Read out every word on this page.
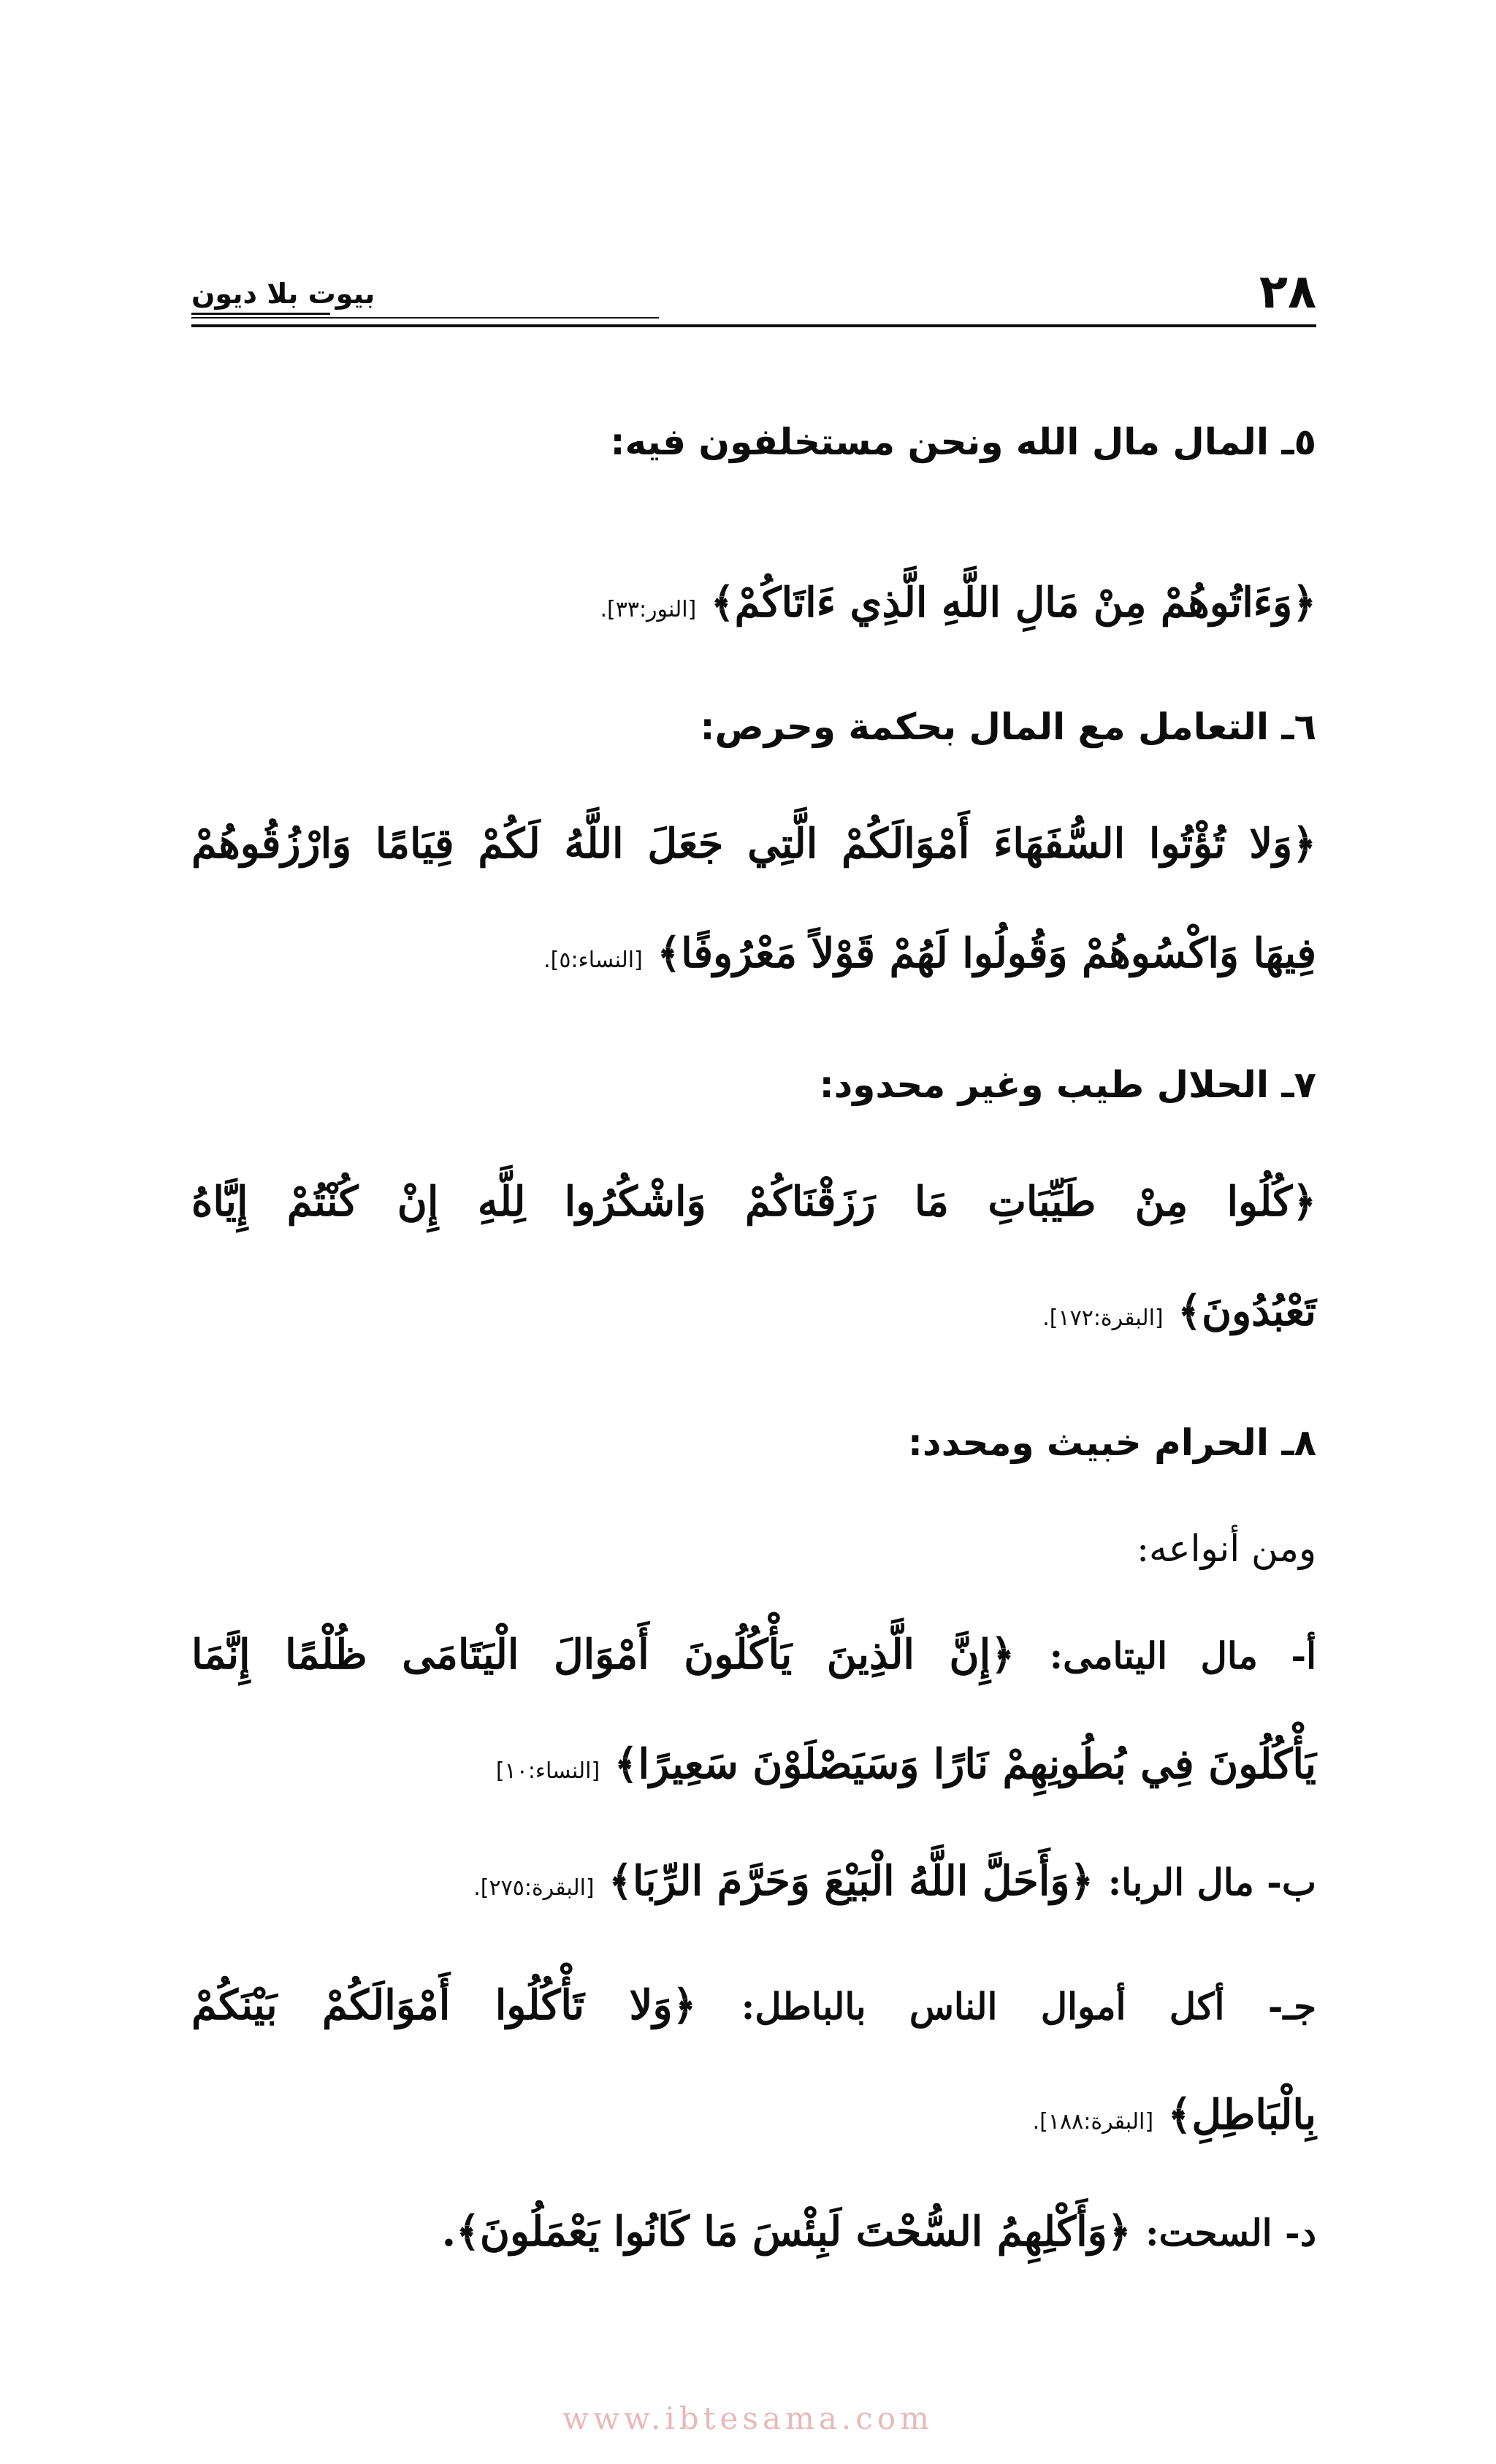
٢٨
بيوت بلا ديون
٥ـ المال مال الله ونحن مستخلفون فيه:
﴿وَءَاتُوهُمْ مِنْ مَالِ اللَّهِ الَّذِي ءَاتَاكُمْ﴾ [النور:٣٣].
٦ـ التعامل مع المال بحكمة وحرص:
﴿وَلا تُؤْتُوا السُّفَهَاءَ أَمْوَالَكُمْ الَّتِي جَعَلَ اللَّهُ لَكُمْ قِيَامًا وَارْزُقُوهُمْ
فِيهَا وَاكْسُوهُمْ وَقُولُوا لَهُمْ قَوْلاً مَعْرُوفًا﴾ [النساء:٥].
٧ـ الحلال طيب وغير محدود:
﴿كُلُوا مِنْ طَيِّبَاتِ مَا رَزَقْنَاكُمْ وَاشْكُرُوا لِلَّهِ إِنْ كُنْتُمْ إِيَّاهُ
تَعْبُدُونَ﴾ [البقرة:١٧٢].
٨ـ الحرام خبيث ومحدد:
ومن أنواعه:
أ- مال اليتامى: ﴿إِنَّ الَّذِينَ يَأْكُلُونَ أَمْوَالَ الْيَتَامَى ظُلْمًا إِنَّمَا
يَأْكُلُونَ فِي بُطُونِهِمْ نَارًا وَسَيَصْلَوْنَ سَعِيرًا﴾ [النساء:١٠]
ب- مال الربا: ﴿وَأَحَلَّ اللَّهُ الْبَيْعَ وَحَرَّمَ الرِّبَا﴾ [البقرة:٢٧٥].
جـ- أكل أموال الناس بالباطل: ﴿وَلا تَأْكُلُوا أَمْوَالَكُمْ بَيْنَكُمْ
بِالْبَاطِلِ﴾ [البقرة:١٨٨].
د- السحت: ﴿وَأَكْلِهِمُ السُّحْتَ لَبِئْسَ مَا كَانُوا يَعْمَلُونَ﴾.
www.ibtesama.com
